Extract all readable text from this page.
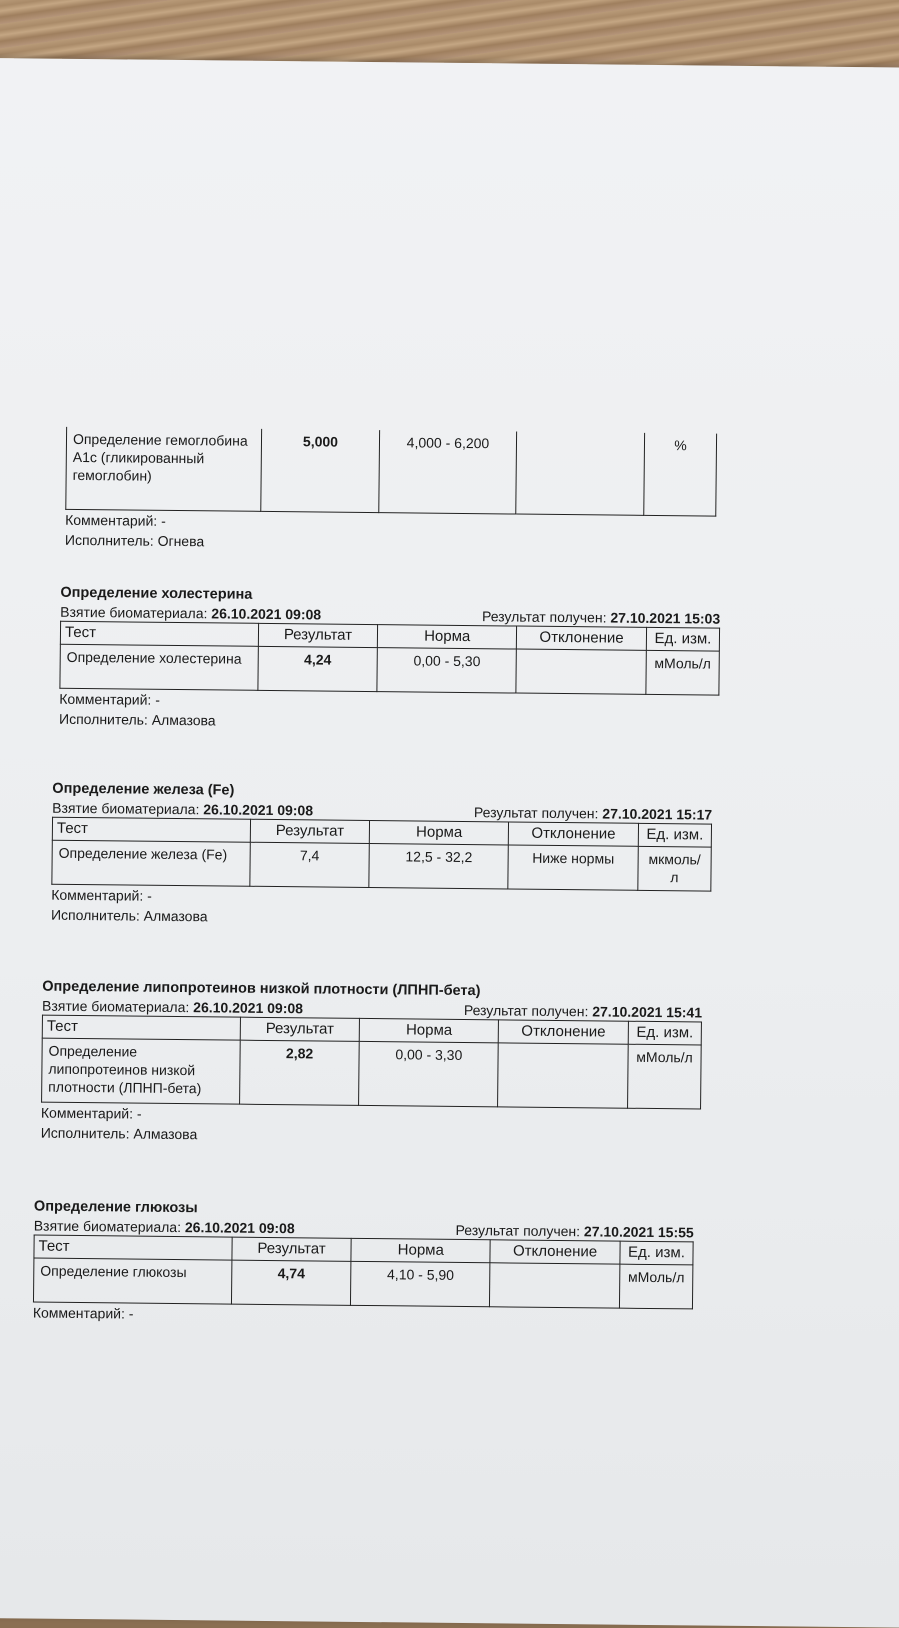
Определение гемоглобина А1с (гликированный гемоглобин)	5,000	4,000 - 6,200		%
Комментарий: -
Исполнитель: Огнева
Определение холестерина
Взятие биоматериала: 26.10.2021 09:08	Результат получен: 27.10.2021 15:03
Тест	Результат	Норма	Отклонение	Ед. изм.
Определение холестерина	4,24	0,00 - 5,30		мМоль/л
Комментарий: -
Исполнитель: Алмазова
Определение железа (Fe)
Взятие биоматериала: 26.10.2021 09:08	Результат получен: 27.10.2021 15:17
Тест	Результат	Норма	Отклонение	Ед. изм.
Определение железа (Fe)	7,4	12,5 - 32,2	Ниже нормы	мкмоль/л
Комментарий: -
Исполнитель: Алмазова
Определение липопротеинов низкой плотности (ЛПНП-бета)
Взятие биоматериала: 26.10.2021 09:08	Результат получен: 27.10.2021 15:41
Тест	Результат	Норма	Отклонение	Ед. изм.
Определение липопротеинов низкой плотности (ЛПНП-бета)	2,82	0,00 - 3,30		мМоль/л
Комментарий: -
Исполнитель: Алмазова
Определение глюкозы
Взятие биоматериала: 26.10.2021 09:08	Результат получен: 27.10.2021 15:55
Тест	Результат	Норма	Отклонение	Ед. изм.
Определение глюкозы	4,74	4,10 - 5,90		мМоль/л
Комментарий: -
